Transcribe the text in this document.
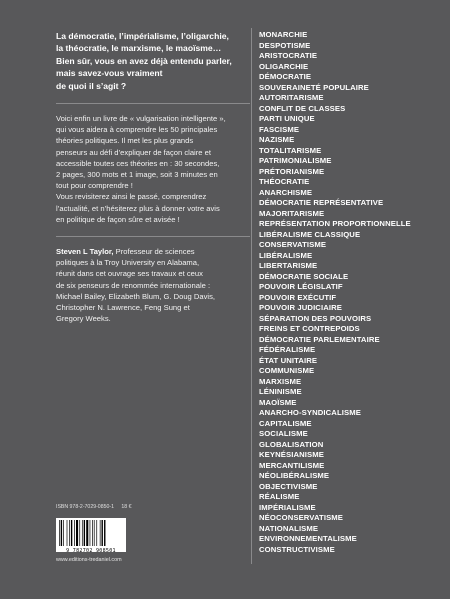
La démocratie, l’impérialisme, l’oligarchie,
la théocratie, le marxisme, le maoïsme…
Bien sûr, vous en avez déjà entendu parler,
mais savez-vous vraiment
de quoi il s’agit ?

Voici enfin un livre de « vulgarisation intelligente »,
qui vous aidera à comprendre les 50 principales
théories politiques. Il met les plus grands
penseurs au défi d’expliquer de façon claire et
accessible toutes ces théories en : 30 secondes,
2 pages, 300 mots et 1 image, soit 3 minutes en
tout pour comprendre !
Vous revisiterez ainsi le passé, comprendrez
l’actualité, et n’hésiterez plus à donner votre avis
en politique de façon sûre et avisée !

Steven L Taylor, Professeur de sciences
politiques à la Troy University en Alabama,
réunit dans cet ouvrage ses travaux et ceux
de six penseurs de renommée internationale :
Michael Bailey, Elizabeth Blum, G. Doug Davis,
Christopher N. Lawrence, Feng Sung et
Gregory Weeks.

MONARCHIE
DESPOTISME
ARISTOCRATIE
OLIGARCHIE
DÉMOCRATIE
SOUVERAINETÉ POPULAIRE
AUTORITARISME
CONFLIT DE CLASSES
PARTI UNIQUE
FASCISME
NAZISME
TOTALITARISME
PATRIMONIALISME
PRÉTORIANISME
THÉOCRATIE
ANARCHISME
DÉMOCRATIE REPRÉSENTATIVE
MAJORITARISME
REPRÉSENTATION PROPORTIONNELLE
LIBÉRALISME CLASSIQUE
CONSERVATISME
LIBÉRALISME
LIBERTARISME
DÉMOCRATIE SOCIALE
POUVOIR LÉGISLATIF
POUVOIR EXÉCUTIF
POUVOIR JUDICIAIRE
SÉPARATION DES POUVOIRS
FREINS ET CONTREPOIDS
DÉMOCRATIE PARLEMENTAIRE
FÉDÉRALISME
ÉTAT UNITAIRE
COMMUNISME
MARXISME
LÉNINISME
MAOÏSME
ANARCHO-SYNDICALISME
CAPITALISME
SOCIALISME
GLOBALISATION
KEYNÉSIANISME
MERCANTILISME
NÉOLIBÉRALISME
OBJECTIVISME
RÉALISME
IMPÉRIALISME
NÉOCONSERVATISME
NATIONALISME
ENVIRONNEMENTALISME
CONSTRUCTIVISME
ISBN 978-2-7029-0850-1 18 €
9 782702 908501
www.editions-tredaniel.com
